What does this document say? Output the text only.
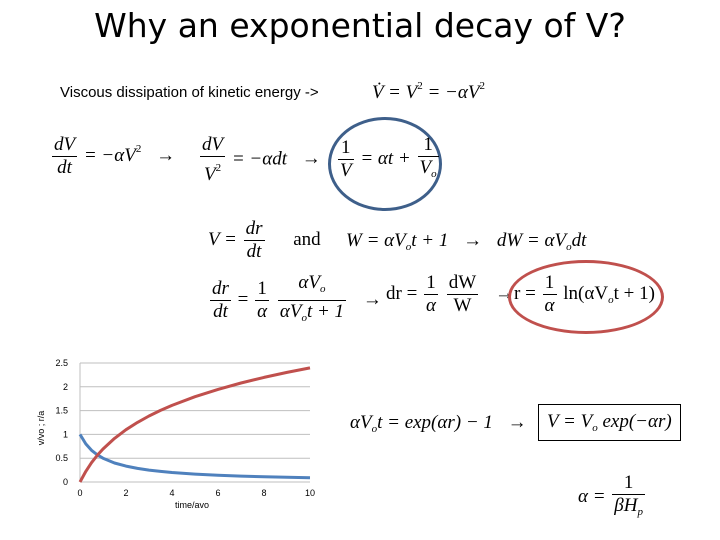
Why an exponential decay of V?
Viscous dissipation of kinetic energy ->	V̇ = $V^2 = -\alpha V^2$
$\frac{dV}{dt} = -\alpha V^2$ →	$\frac{dV}{V^2} = -\alpha dt \to \frac{1}{V} = \alpha t + \frac{1}{V_o}$
$V = \frac{dr}{dt}$ and $W = \alpha V_ot + 1$ → dW = $\alpha V_odt$
$\frac{dr}{dt} = \frac{1}{\alpha}$
$\frac{\alpha V_o}{\alpha V_ot + 1}$ → dr = $\frac{1}{\alpha}$
$\frac{dW}{W} \to r = \frac{1}{\alpha} \ln(\alpha V_ot + 1)$
$\alpha V_ot = \exp(\alpha r) - 1$ →	$V = V_o$ exp(−αr)
$\alpha = \frac{1}{\beta H_p}$
0
0.5
1
1.5
2
2.5
0	2	4	6	8	10
v/vo ; r/a
time/avo
